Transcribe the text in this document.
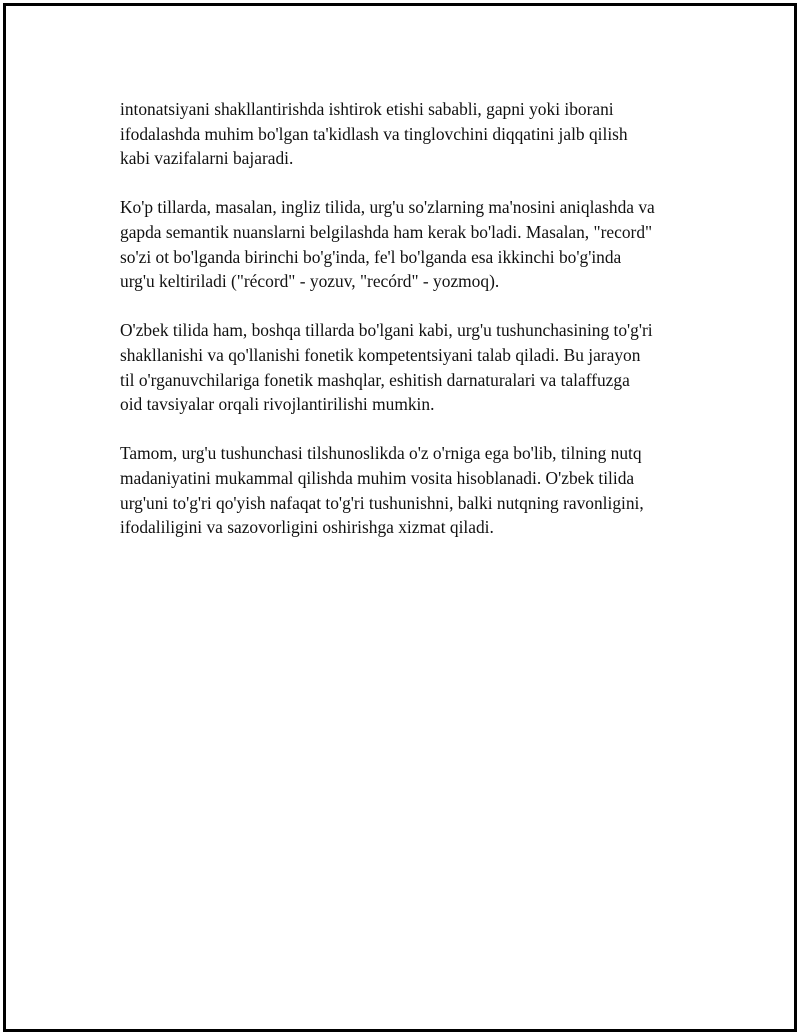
intonatsiyani shakllantirishda ishtirok etishi sababli, gapni yoki iborani
ifodalashda muhim bo'lgan ta'kidlash va tinglovchini diqqatini jalb qilish
kabi vazifalarni bajaradi.

Ko'p tillarda, masalan, ingliz tilida, urg'u so'zlarning ma'nosini aniqlashda va
gapda semantik nuanslarni belgilashda ham kerak bo'ladi. Masalan, "record"
so'zi ot bo'lganda birinchi bo'g'inda, fe'l bo'lganda esa ikkinchi bo'g'inda
urg'u keltiriladi ("récord" - yozuv, "recórd" - yozmoq).

O'zbek tilida ham, boshqa tillarda bo'lgani kabi, urg'u tushunchasining to'g'ri
shakllanishi va qo'llanishi fonetik kompetentsiyani talab qiladi. Bu jarayon
til o'rganuvchilariga fonetik mashqlar, eshitish darnaturalari va talaffuzga
oid tavsiyalar orqali rivojlantirilishi mumkin.

Tamom, urg'u tushunchasi tilshunoslikda o'z o'rniga ega bo'lib, tilning nutq
madaniyatini mukammal qilishda muhim vosita hisoblanadi. O'zbek tilida
urg'uni to'g'ri qo'yish nafaqat to'g'ri tushunishni, balki nutqning ravonligini,
ifodaliligini va sazovorligini oshirishga xizmat qiladi.
